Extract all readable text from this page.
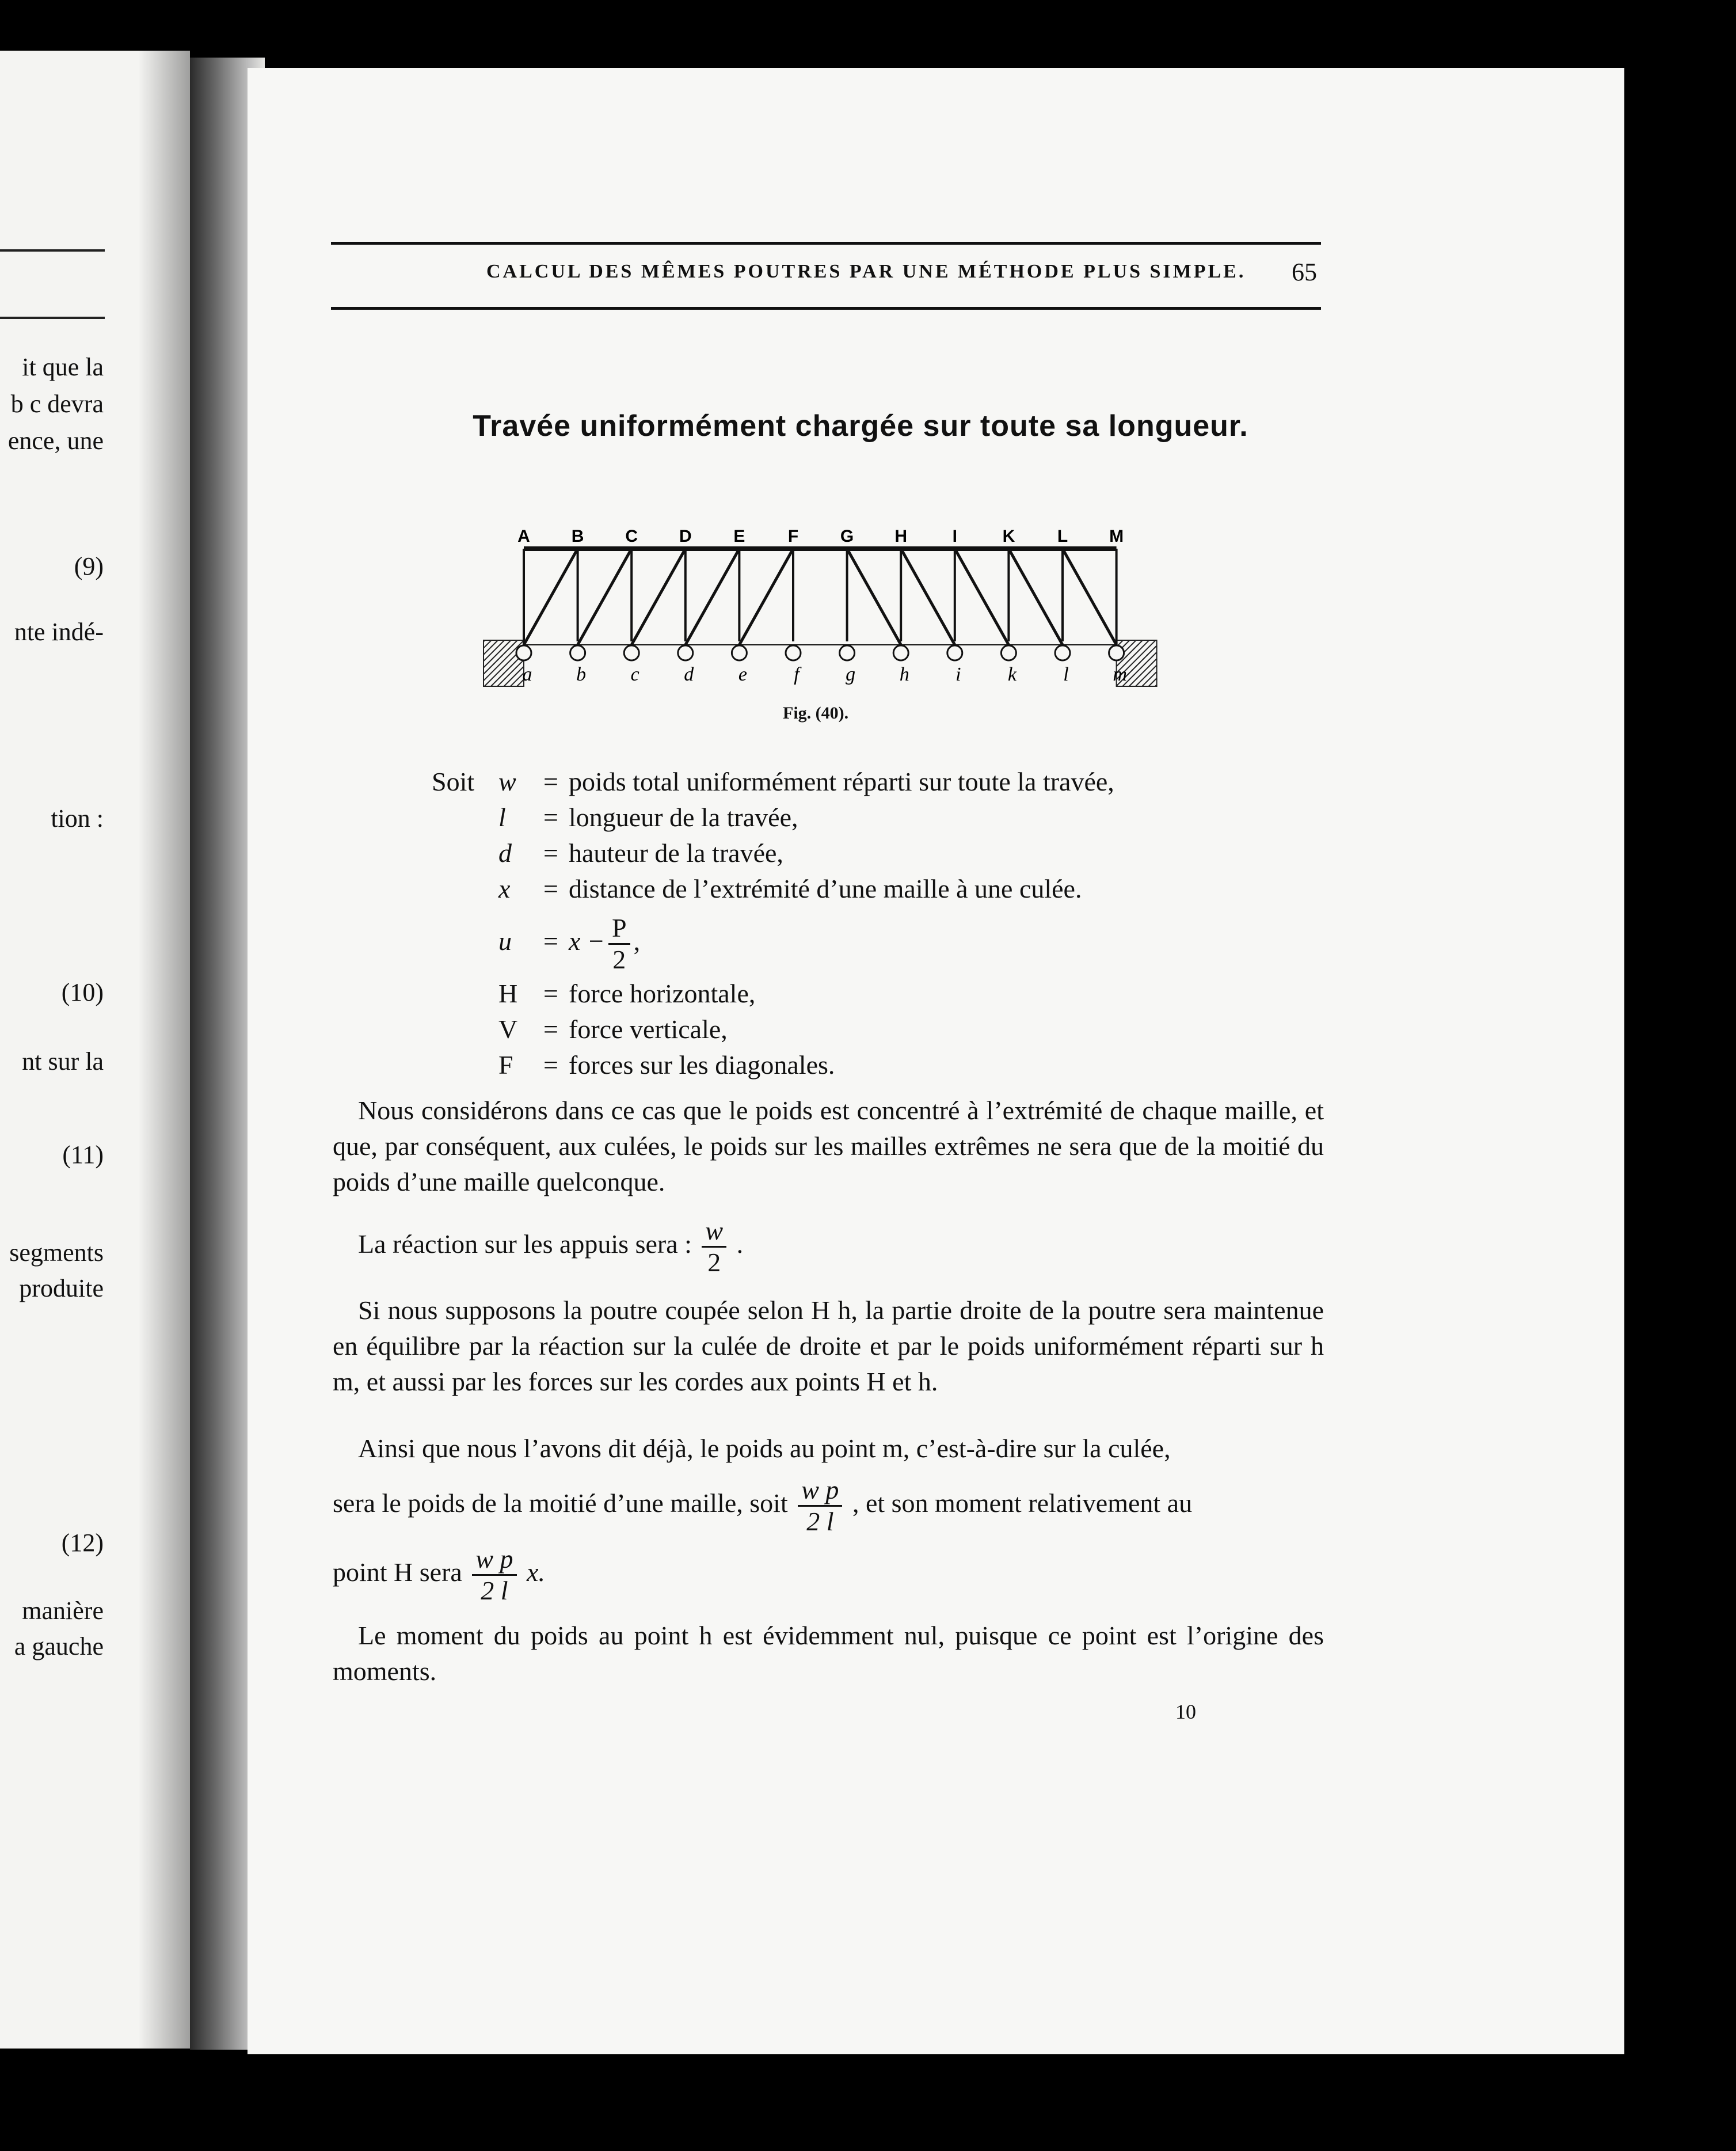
it que la
b c devra
ence, une
(9)
nte indé-
tion :
(10)
nt sur la
(11)
segments
produite
(12)
manière
a gauche
CALCUL DES MÊMES POUTRES PAR UNE MÉTHODE PLUS SIMPLE. 65
Travée uniformément chargée sur toute sa longueur.
A B C D E F G H	I	K L M
a b c d e f g h i k l m
Fig. (40).
Soit w = poids total uniformément réparti sur toute la travée,
l = longueur de la travée,
d = hauteur de la travée,
x = distance de l’extrémité d’une maille à une culée.
$u = x - \frac{P}{2}$ ,
H = force horizontale,
V = force verticale,
F = forces sur les diagonales.
Nous considérons dans ce cas que le poids est concentré à l’extrémité de chaque maille, et que, par conséquent, aux culées, le poids sur les mailles extrêmes ne sera que de la moitié du poids d’une maille quelconque.
La réaction sur les appuis sera : $\frac{w}{2}$ .
Si nous supposons la poutre coupée selon H h, la partie droite de la poutre sera maintenue en équilibre par la réaction sur la culée de droite et par le poids uniformément réparti sur h m, et aussi par les forces sur les cordes aux points H et h.
Ainsi que nous l’avons dit déjà, le poids au point m, c’est-à-dire sur la culée,
sera le poids de la moitié d’une maille, soit $\frac{\text{w p}}{2 l}$ , et son moment relativement au
point H sera $\frac{\text{w p}}{2 l} x$.
Le moment du poids au point h est évidemment nul, puisque ce point est l’origine des moments.
10
